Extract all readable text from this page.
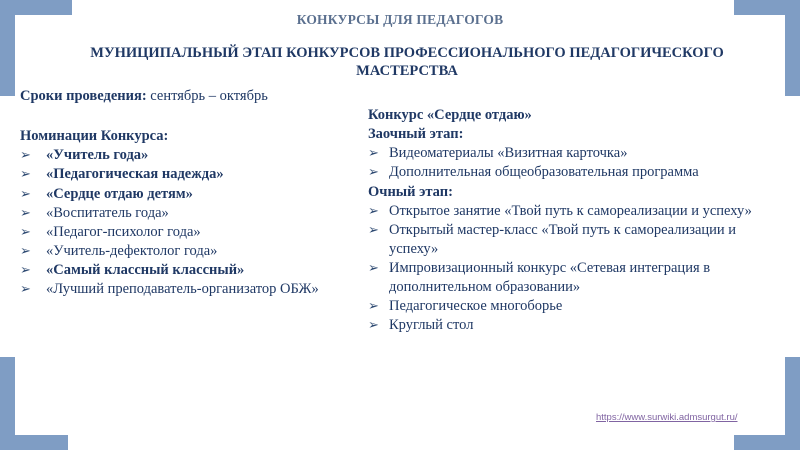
КОНКУРСЫ ДЛЯ ПЕДАГОГОВ
МУНИЦИПАЛЬНЫЙ ЭТАП КОНКУРСОВ ПРОФЕССИОНАЛЬНОГО ПЕДАГОГИЧЕСКОГО МАСТЕРСТВА
Сроки проведения: сентябрь – октябрь
Номинации Конкурса:
➢ «Учитель года»
➢ «Педагогическая надежда»
➢ «Сердце отдаю детям»
➢ «Воспитатель года»
➢ «Педагог-психолог года»
➢ «Учитель-дефектолог года»
➢ «Самый классный классный»
➢ «Лучший преподаватель-организатор ОБЖ»
Конкурс «Сердце отдаю»
Заочный этап:
➢ Видеоматериалы «Визитная карточка»
➢ Дополнительная общеобразовательная программа
Очный этап:
➢ Открытое занятие «Твой путь к самореализации и успеху»
➢ Открытый мастер-класс «Твой путь к самореализации и успеху»
➢ Импровизационный конкурс «Сетевая интеграция в дополнительном образовании»
➢ Педагогическое многоборье
➢ Круглый стол
https://www.surwiki.admsurgut.ru/
